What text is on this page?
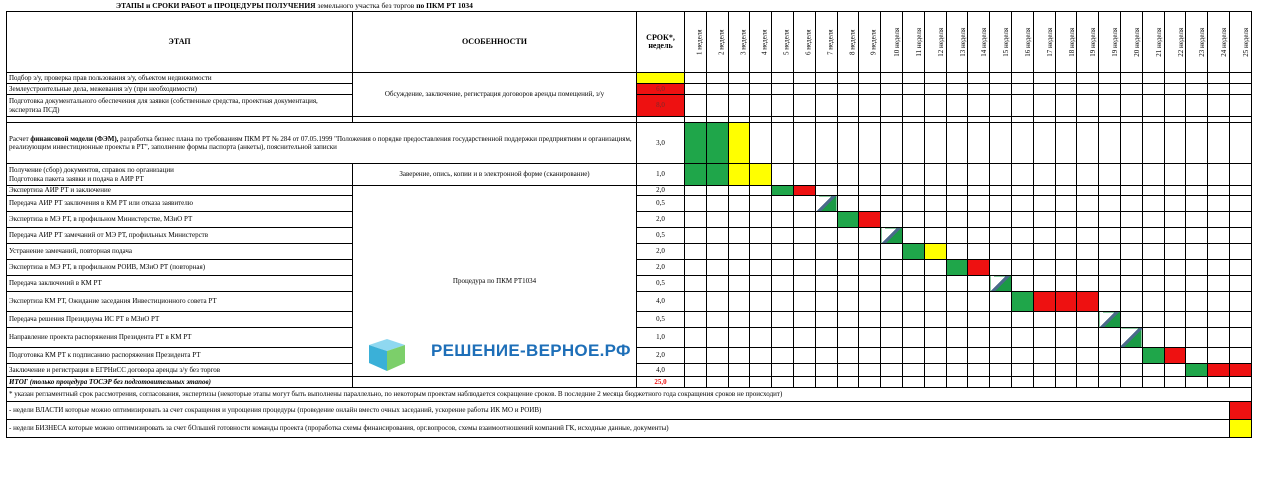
ЭТАПЫ и СРОКИ РАБОТ и ПРОЦЕДУРЫ ПОЛУЧЕНИЯ земельного участка без торгов по ПКМ РТ 1034
ЭТАП	ОСОБЕННОСТИ	СРОК*, недель	1 неделя	2 неделя	3 неделя	4 неделя	5 неделя	6 неделя	7 неделя	8 неделя	9 неделя	10 неделя	11 неделя	12 неделя	13 неделя	14 неделя	15 неделя	16 неделя	17 неделя	18 неделя	19 неделя	19 неделя	20 неделя	21 неделя	22 неделя	23 неделя	24 неделя	25 неделя
Подбор з/у, проверка прав пользования з/у, объектом недвижимости	Обсуждение, заключение, регистрация договоров аренды помещений, з/у																											
Землеустроительные дела, межевания з/у (при необходимости)		6,0																										
Подготовка документального обеспечения для заявки (собственные средства, проектная документация, экспертиза ПСД)		8,0																										

Расчет финансовой модели (ФЭМ), разработка бизнес плана по требованиям ПКМ РТ № 284 от 07.05.1999 "Положения о порядке предоставления государственной поддержки предприятиям и организациям, реализующим инвестиционные проекты в РТ", заполнение формы паспорта (анкеты), пояснительной записки		3,0																										
Получение (сбор) документов, справок по организации
Подготовка пакета заявки и подача в АИР РТ	Заверение, опись, копии и в электронной форме (сканирование)	1,0																										
Экспертиза АИР РТ и заключение	Процедура по ПКМ РТ1034	2,0																										
Передача АИР РТ заключения в КМ РТ или отказа заявителю		0,5																										
Экспертиза в МЭ РТ, в профильном Министерстве, МЗиО РТ		2,0																										
Передача АИР РТ замечаний от МЭ РТ, профильных Министерств		0,5																										
Устранение замечаний, повторная подача		2,0																										
Экспертиза в МЭ РТ, в профильном РОИВ, МЗиО РТ (повторная)		2,0																										
Передача заключений в КМ РТ		0,5																										
Экспертиза КМ РТ, Ожидание заседания Инвестиционного совета РТ		4,0																										
Передача решения Президиума ИС РТ в МЗиО РТ		0,5																										
Направление проекта распоряжения Президента РТ в КМ РТ		1,0																										
Подготовка КМ РТ к подписанию распоряжения Президента РТ		2,0																										
Заключение и регистрация в ЕГРНиСС договора аренды з/у без торгов		4,0																										
ИТОГ (только процедура ТОСЭР без подготовительных этапов)		25,0																										
* указан регламентный срок рассмотрения, согласования, экспертизы (некоторые этапы могут быть выполнены параллельно, по некоторым проектам наблюдается сокращение сроков. В последние 2 месяца бюджетного года сокращения сроков не происходит)																												
- недели ВЛАСТИ которые можно оптимизировать за счет сокращения и упрощения процедуры (проведение онлайн вместо очных заседаний, ускорение работы ИК МО и РОИВ)																												
- недели БИЗНЕСА которые можно оптимизировать за счет бОльшей готовности команды проекта (проработка схемы финансирования, орг.вопросов, схемы взаимоотношений компаний ГК, исходные данные, документы)																												
РЕШЕНИЕ-ВЕРНОЕ.РФ
